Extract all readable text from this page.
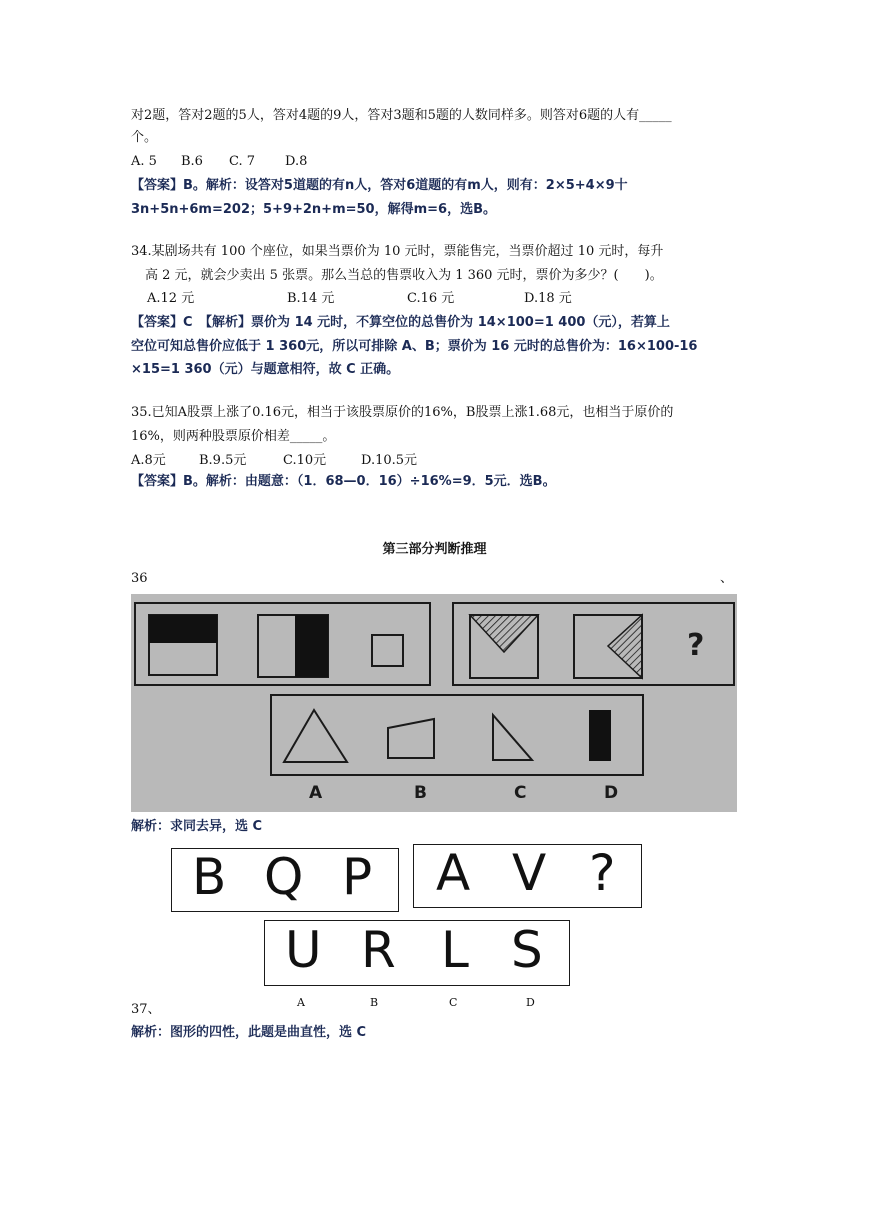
对2题，答对2题的5人，答对4题的9人，答对3题和5题的人数同样多。则答对6题的人有_____
个。
A. 5 B.6 C. 7 D.8
【答案】B。解析：设答对5道题的有n人，答对6道题的有m人，则有：2×5+4×9十
3n+5n+6m=202；5+9+2n+m=50，解得m=6，选B。
34.某剧场共有 100 个座位，如果当票价为 10 元时，票能售完，当票价超过 10 元时，每升
高 2 元，就会少卖出 5 张票。那么当总的售票收入为 1 360 元时，票价为多少？(　　)。
A.12 元	B.14 元	C.16 元	D.18 元
【答案】C　【解析】票价为 14 元时，不算空位的总售价为 14×100=1 400（元），若算上
空位可知总售价应低于 1 360元，所以可排除 A、B；票价为 16 元时的总售价为：16×100-16
×15=1 360（元）与题意相符，故 C 正确。
35.已知A股票上涨了0.16元，相当于该股票原价的16%，B股票上涨1.68元，也相当于原价的
16%，则两种股票原价相差_____。
A.8元	B.9.5元	C.10元	D.10.5元
【答案】B。解析：由题意：（1．68—0．16）÷16%=9．5元．选B。
第三部分判断推理
36	、
?
A	B	C	D
解析：求同去异，选 C
B Q P A V ?
U R L S
A	B	C	D
37、
解析：图形的四性，此题是曲直性，选 C
